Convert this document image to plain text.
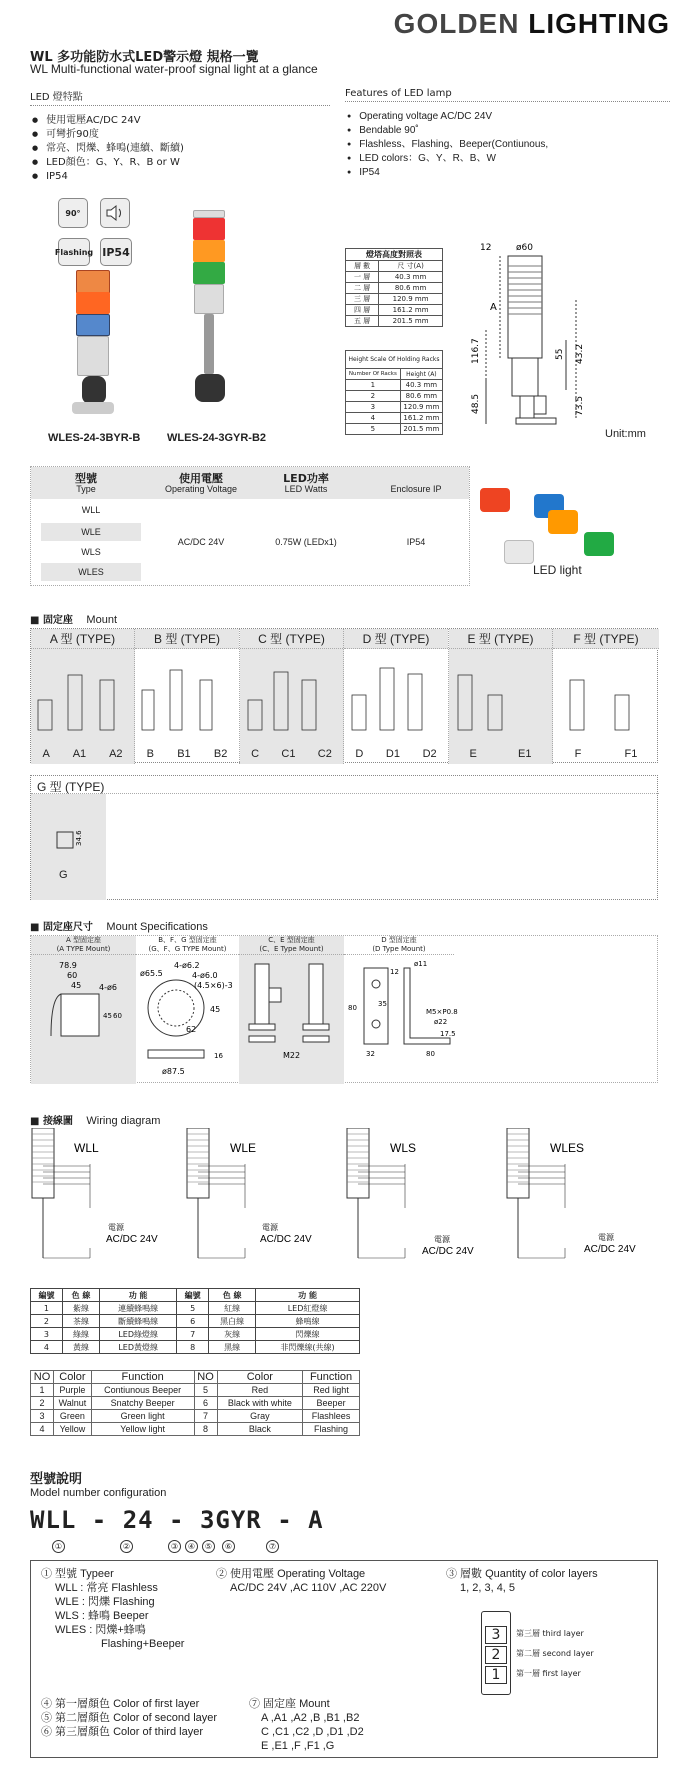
GOLDEN LIGHTING
WL 多功能防水式LED警示燈 規格一覽
WL Multi-functional water-proof signal light at a glance
LED 燈特點
● 使用電壓AC/DC 24V
● 可彎折90度
● 常亮、閃爍、蜂鳴(連續、斷續)
● LED顏色：G、Y、R、B or W
● IP54
Features of LED lamp
● Operating voltage AC/DC 24V
● Bendable 90˚
● Flashless、Flashing、Beeper(Contiunous,
● LED colors：G、Y、R、B、W
● IP54
90°
Flashing IP54
WLES-24-3BYR-B WLES-24-3GYR-B2
燈塔高度對照表	
層 數	尺 寸(A)
一 層	40.3 mm
二 層	80.6 mm
三 層	120.9 mm
四 層	161.2 mm
五 層	201.5 mm
Height Scale Of Holding Racks	
Number Of Racks	Height (A)
1	40.3 mm
2	80.6 mm
3	120.9 mm
4	161.2 mm
5	201.5 mm
12	ø60
A
116.7
48.5
55 43.2
73.5
Unit:mm
型號
Type
使用電壓
Operating Voltage
LED功率
LED Watts	Enclosure IP
WLL
WLE
WLS
WLES
AC/DC 24V	0.75W (LEDx1)	IP54
LED light
■ 固定座　 Mount
A 型 (TYPE)
A A1 A2
B 型 (TYPE)
B B1 B2
C 型 (TYPE)
C C1 C2
D 型 (TYPE)
D D1 D2
E 型 (TYPE)
E	E1
F 型 (TYPE)
F	F1
G 型 (TYPE)
34.6
G
■ 固定座尺寸　 Mount Specifications
A 型固定座
(A TYPE Mount)
B、F、G 型固定座
(G、F、G TYPE Mount)
C、E 型固定座
(C、E Type Mount)
D 型固定座
(D Type Mount)
78.9
60
45 4-ø6
45 60
4-ø6.2
ø65.5	4-ø6.0
(4.5×6)-3
45
62
16
ø87.5
M22
12
ø11
35
80	M5×P0.8
ø22
17.5
32	80
■ 接線圖　 Wiring diagram
WLL	WLE	WLS	WLES
電源
AC/DC 24V
電源
AC/DC 24V	電源
AC/DC 24V
電源
AC/DC 24V
編號	色 線	功 能	編號	色 線	功 能
1	紫線	連續蜂鳴線	5	紅線	LED紅燈線
2	茶線	斷續蜂鳴線	6	黑白線	蜂鳴線
3	綠線	LED綠燈線	7	灰線	閃爍線
4	黃線	LED黃燈線	8	黑線	非閃爍線(共線)
NO	Color	Function	NO	Color	Function
1	Purple	Contiunous Beeper	5	Red	Red light
2	Walnut	Snatchy Beeper	6	Black with white	Beeper
3	Green	Green light	7	Gray	Flashlees
4	Yellow	Yellow light	8	Black	Flashing
型號說明
Model number configuration
WLL - 24 - 3GYR - A
①	②	③	④	⑤	⑥	⑦
① 型號 Typeer
WLL : 常亮 Flashless
WLE : 閃爍 Flashing
WLS : 蜂鳴 Beeper
WLES : 閃爍+蜂鳴
Flashing+Beeper
② 使用電壓 Operating Voltage
AC/DC 24V ,AC 110V ,AC 220V
③ 層數 Quantity of color layers
1, 2, 3, 4, 5
3
2
1
第三層 third layer
第二層 second layer
第一層 first layer
④ 第一層顏色 Color of first layer
⑤ 第二層顏色 Color of second layer
⑥ 第三層顏色 Color of third layer
⑦ 固定座 Mount
A ,A1 ,A2 ,B ,B1 ,B2
C ,C1 ,C2 ,D ,D1 ,D2
E ,E1 ,F ,F1 ,G
